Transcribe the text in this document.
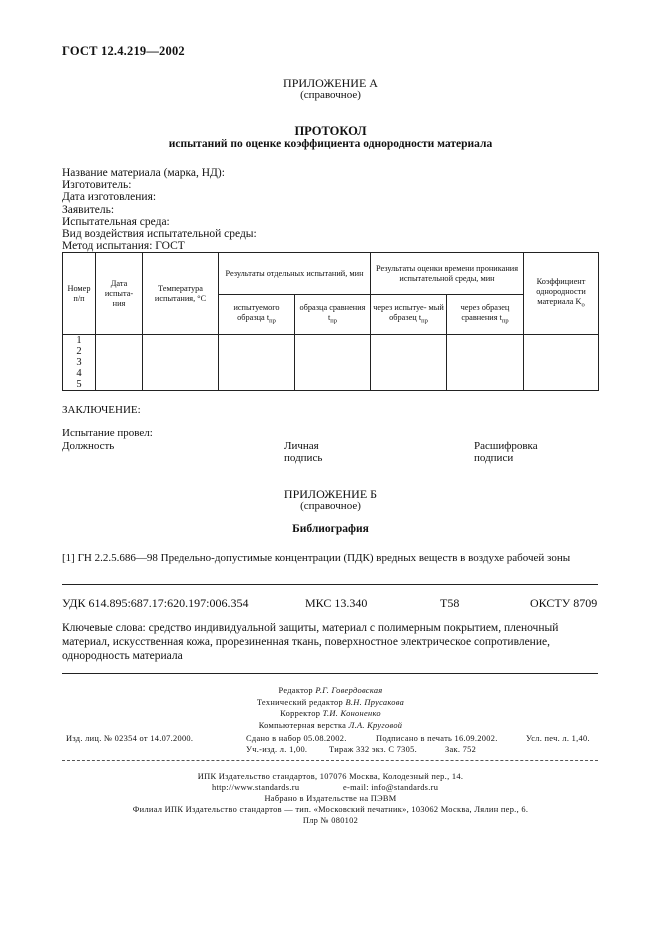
ГОСТ 12.4.219—2002
ПРИЛОЖЕНИЕ А
(справочное)
ПРОТОКОЛ
испытаний по оценке коэффициента однородности материала
Название материала (марка, НД):
Изготовитель:
Дата изготовления:
Заявитель:
Испытательная среда:
Вид воздействия испытательной среды:
Метод испытания: ГОСТ
Номер п/п	Дата испыта- ния	Температура испытания, °С	Результаты отдельных испытаний, мин		Результаты оценки времени проникания испытательной среды, мин		Коэффициент однородности материала $K_о$
			испытуемого образца $t_{пр}$	образца сравнения $t_{пр}$	через испытуе- мый образец $t_{пр}$	через образец сравнения $t_{пр}$

1
2
3
4
5							

ЗАКЛЮЧЕНИЕ:
Испытание провел:
Должность	Личная
подпись
Расшифровка
подписи
ПРИЛОЖЕНИЕ Б
(справочное)
Библиография
[1] ГН 2.2.5.686—98 Предельно-допустимые концентрации (ПДК) вредных веществ в воздухе рабочей зоны
УДК 614.895:687.17:620.197:006.354	МКС 13.340	Т58	ОКСТУ 8709
Ключевые слова: средство индивидуальной защиты, материал с полимерным покрытием, пленочный материал, искусственная кожа, прорезиненная ткань, поверхностное электрическое сопротивление, однородность материала
Редактор Р.Г. Говердовская
Технический редактор В.Н. Прусакова
Корректор Т.И. Кононенко
Компьютерная верстка Л.А. Круговой
Изд. лиц. № 02354 от 14.07.2000.	Сдано в набор 05.08.2002.	Подписано в печать 16.09.2002.	Усл. печ. л. 1,40.
Уч.-изд. л. 1,00.	Тираж 332 экз. С 7305.	Зак. 752
ИПК Издательство стандартов, 107076 Москва, Колодезный пер., 14.
http://www.standards.ru	e-mail: info@standards.ru
Набрано в Издательстве на ПЭВМ
Филиал ИПК Издательство стандартов — тип. «Московский печатник», 103062 Москва, Лялин пер., 6.
Плр № 080102
